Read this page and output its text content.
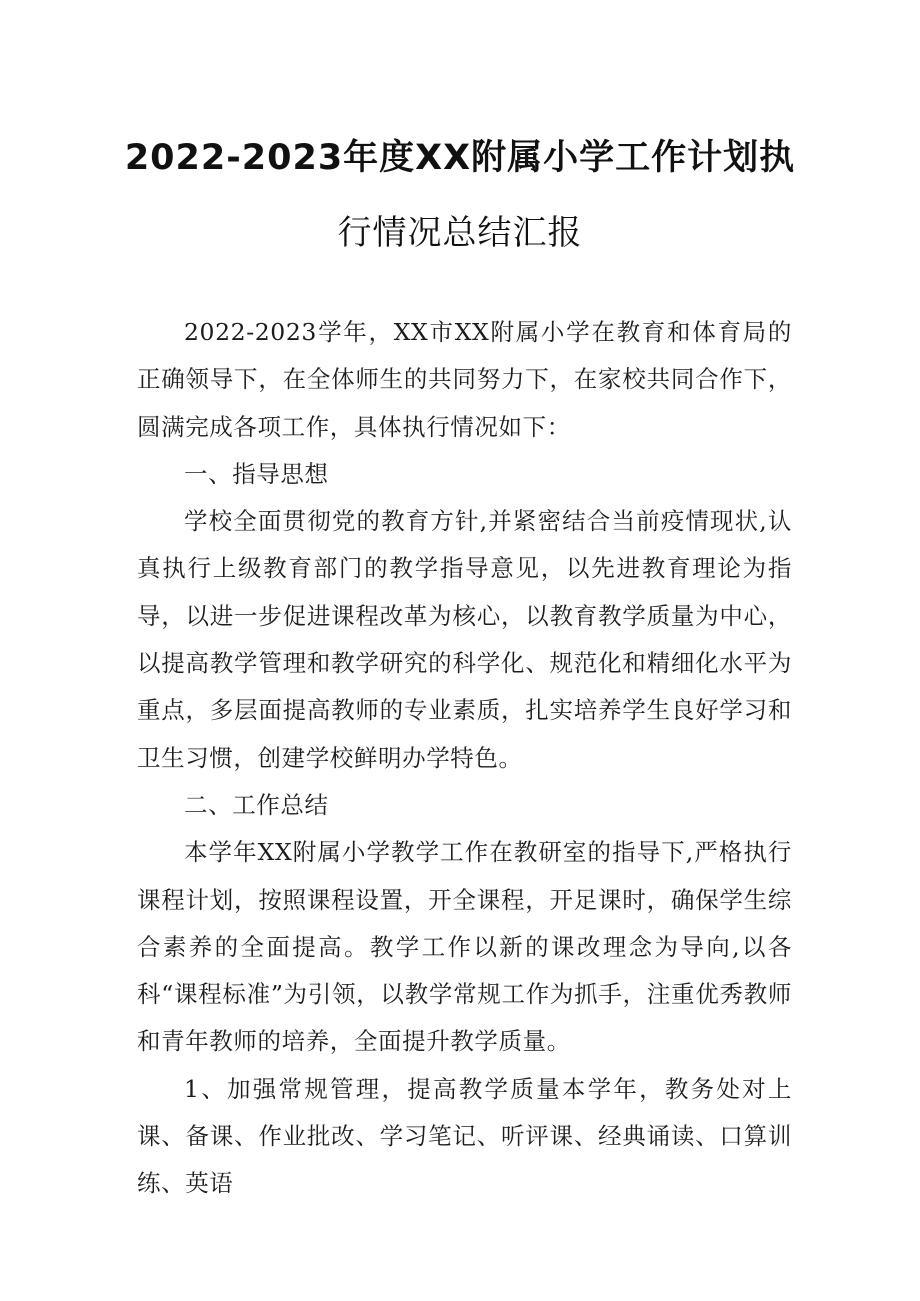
2022-2023年度XX附属小学工作计划执
行情况总结汇报

2022-2023学年，XX市XX附属小学在教育和体育局的正确领导下，在全体师生的共同努力下，在家校共同合作下，圆满完成各项工作，具体执行情况如下：

一、指导思想

学校全面贯彻党的教育方针,并紧密结合当前疫情现状,认真执行上级教育部门的教学指导意见，以先进教育理论为指导，以进一步促进课程改革为核心，以教育教学质量为中心，以提高教学管理和教学研究的科学化、规范化和精细化水平为重点，多层面提高教师的专业素质，扎实培养学生良好学习和卫生习惯，创建学校鲜明办学特色。

二、工作总结

本学年XX附属小学教学工作在教研室的指导下,严格执行课程计划，按照课程设置，开全课程，开足课时，确保学生综合素养的全面提高。教学工作以新的课改理念为导向,以各科“课程标准”为引领，以教学常规工作为抓手，注重优秀教师和青年教师的培养，全面提升教学质量。

1、加强常规管理，提高教学质量本学年，教务处对上课、备课、作业批改、学习笔记、听评课、经典诵读、口算训练、英语
